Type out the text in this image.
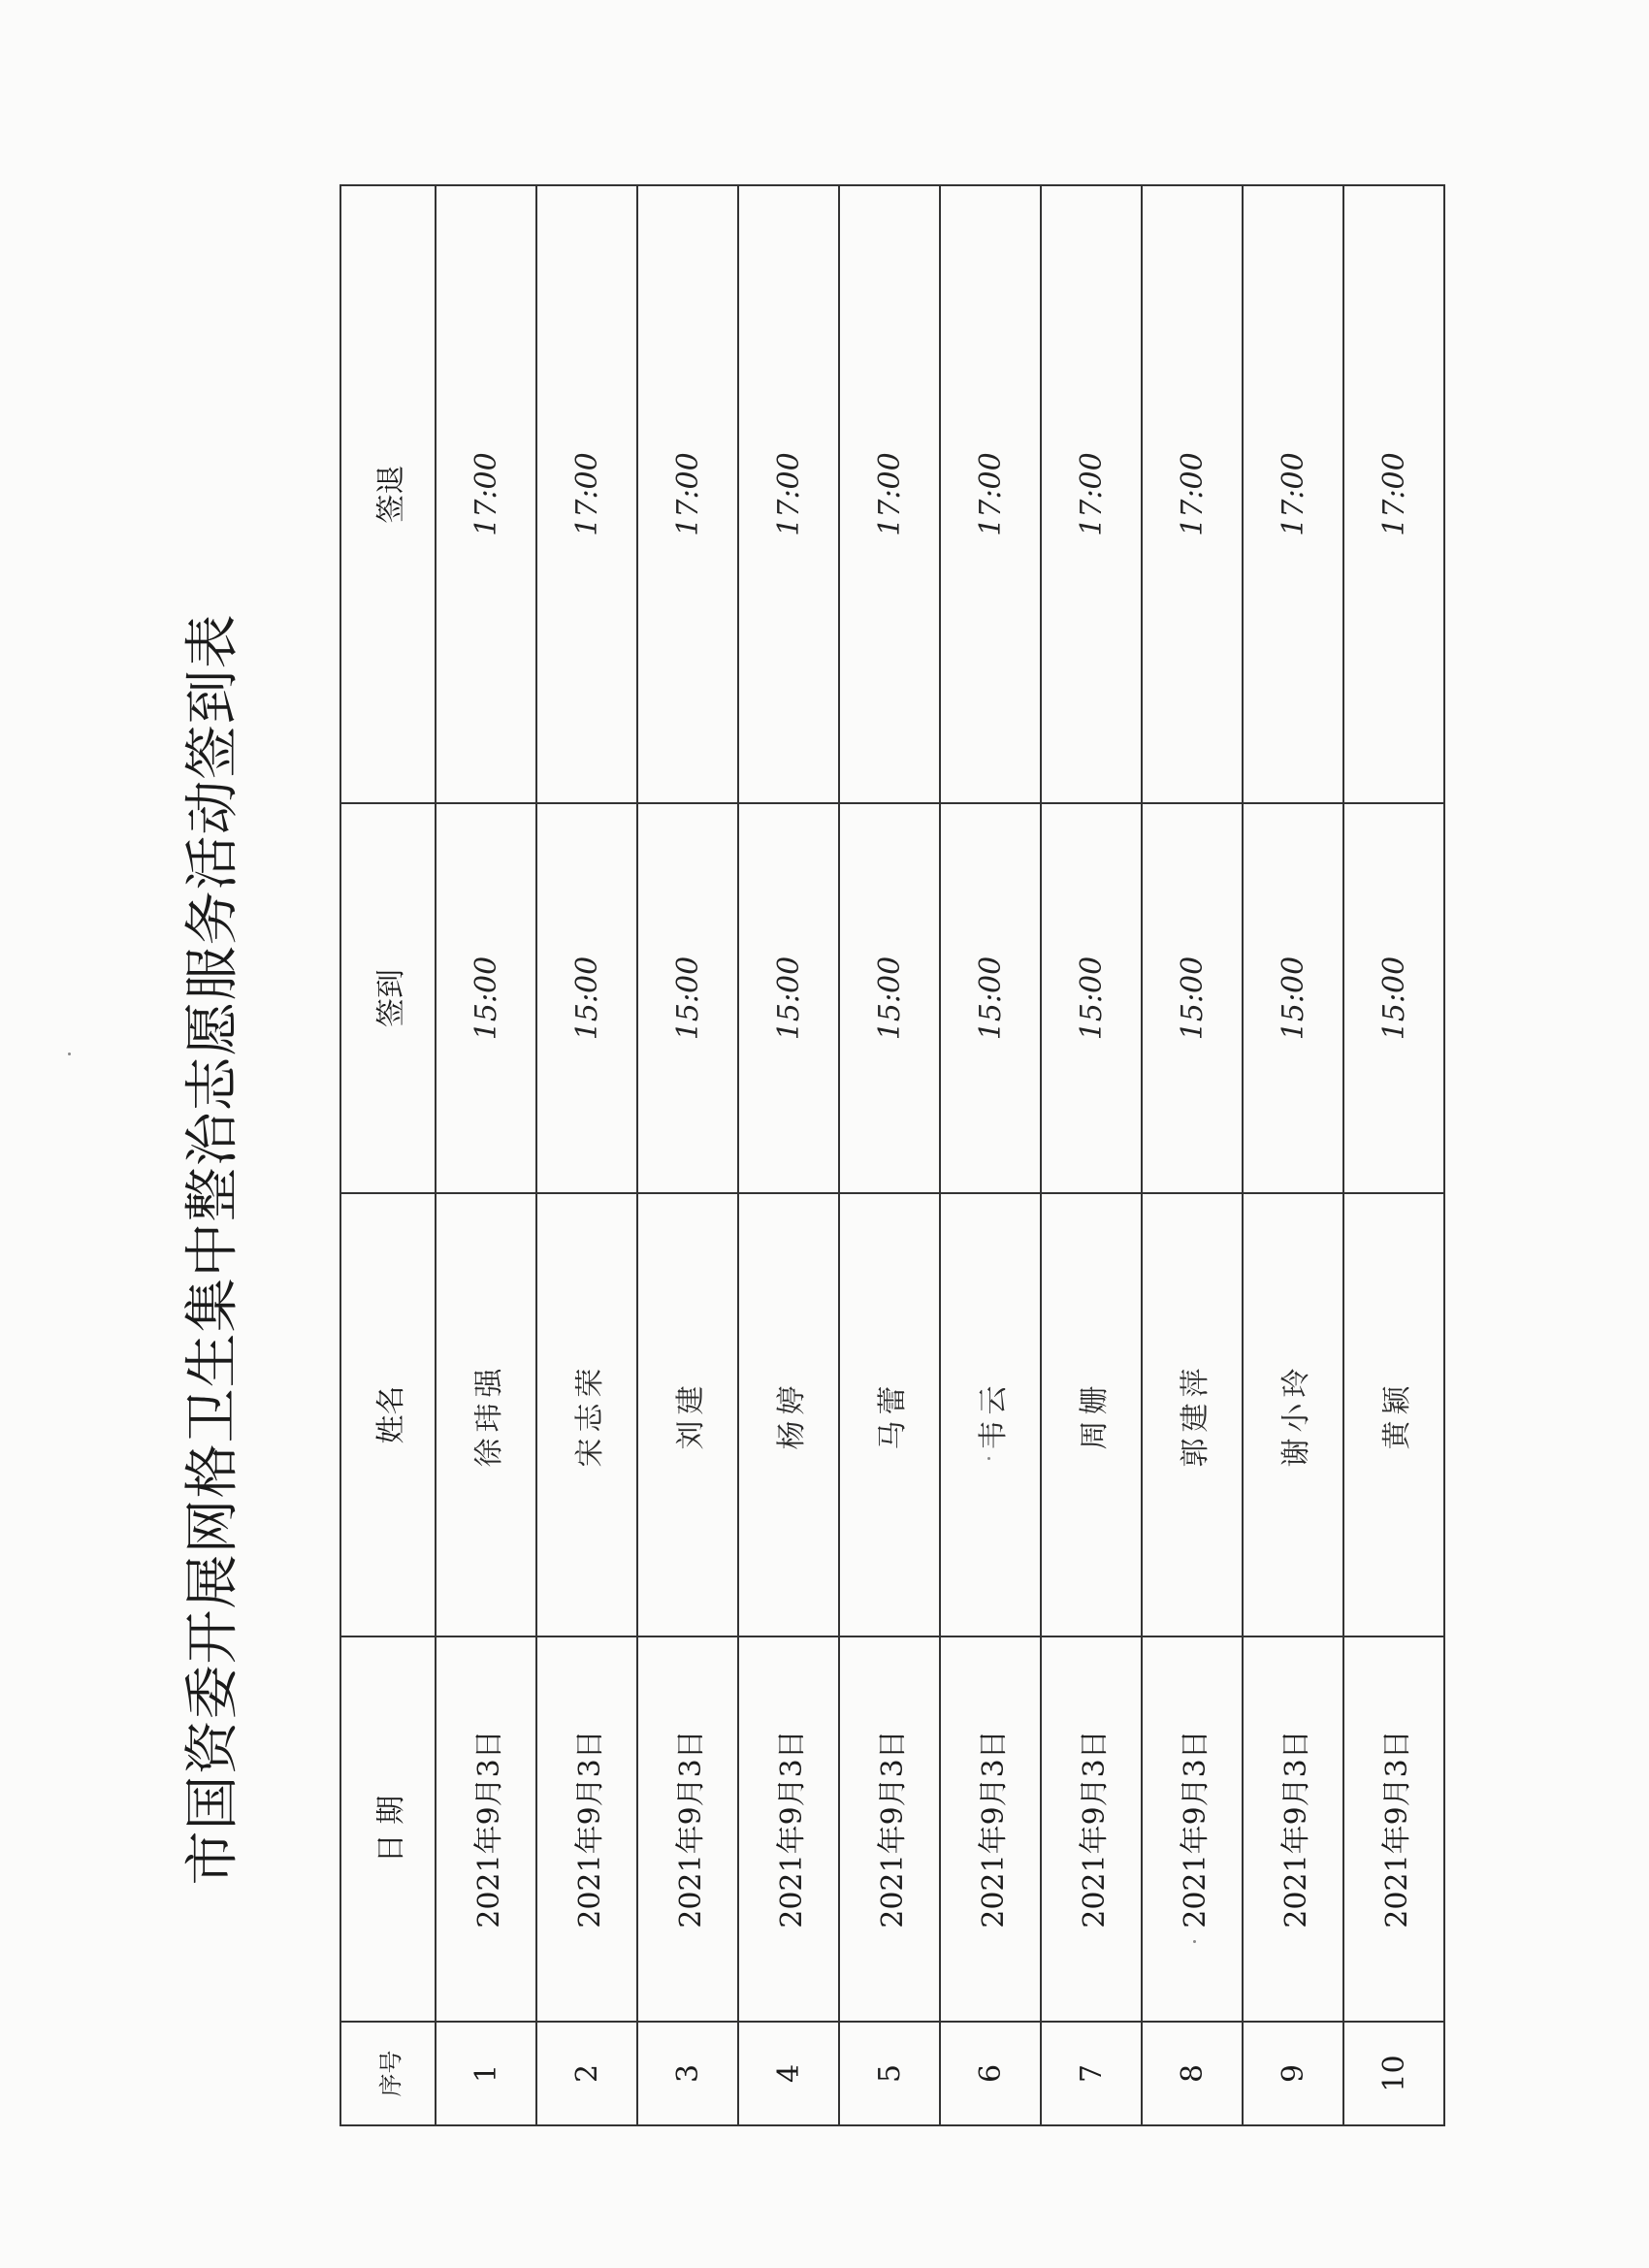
市国资委开展网格卫生集中整治志愿服务活动签到表
序号	日 期	姓名	签到	签退
1	2021年9月3日	徐玮强	15:00	17:00
2	2021年9月3日	宋志荣	15:00	17:00
3	2021年9月3日	刘建	15:00	17:00
4	2021年9月3日	杨婷	15:00	17:00
5	2021年9月3日	马蕾	15:00	17:00
6	2021年9月3日	韦云	15:00	17:00
7	2021年9月3日	周姗	15:00	17:00
8	2021年9月3日	郭建萍	15:00	17:00
9	2021年9月3日	谢小玲	15:00	17:00
10	2021年9月3日	黄颖	15:00	17:00
